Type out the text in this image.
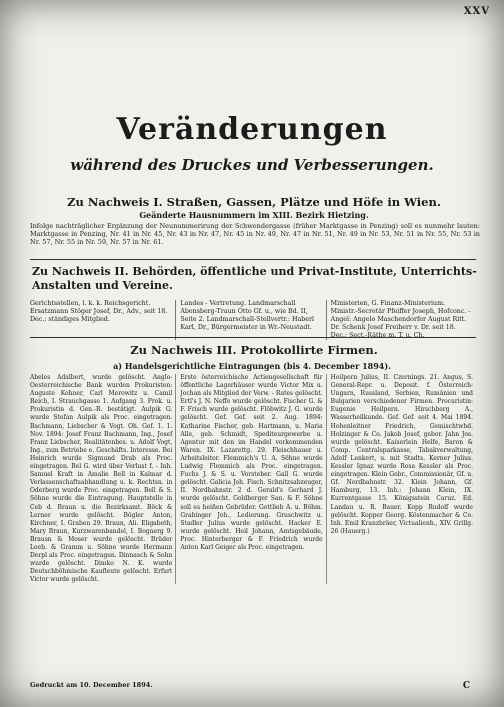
XXV
Veränderungen
während des Druckes und Verbesserungen.
Zu Nachweis I. Straßen, Gassen, Plätze und Höfe in Wien.
Geänderte Hausnummern im XIII. Bezirk Hietzing.
Infolge nachträglicher Ergänzung der Neunummerirung der Schwendergasse (früher Marktgasse in Penzing) soll es nunmehr lauten: Marktgasse in Penzing, Nr. 41 in Nr. 45, Nr. 43 in Nr. 47, Nr. 45 in Nr. 49, Nr. 47 in Nr. 51, Nr. 49 in Nr. 53, Nr. 51 in Nr. 55, Nr. 53 in Nr. 57, Nr. 55 in Nr. 59, Nr. 57 in Nr. 61.
Zu Nachweis II. Behörden, öffentliche und Privat-Institute, Unterrichts-Anstalten und Vereine.
Gerichtsstellen, l. k. k. Reichsgericht. Ersatzmann Stöger Josef, Dr., Adv., seit 18. Dec.: ständiges Mitglied.
Landes - Vertretung. Landmarschall Abensberg-Traun Otto Gf. u., wie Bd. II, Seite 2. Landmarschall-Stellvertr.: Haberl Karl, Dr., Bürgermeister in Wr.-Neustadt.
Ministerien, G. Finanz-Ministerium. Ministr.-Secretär Pfeiffer Joseph, Hofconc. - Angel: Angelo Maschendorfer August Ritt. Dr. Schenk Josef Freiherr v. Dr. seit 18. Dec.: Sect.-Räthe m. T. u. Ch.
Zu Nachweis III. Protokollirte Firmen.
a) Handelsgerichtliche Eintragungen (bis 4. December 1894).
Abeles Adalbert, wurde gelöscht. Anglo-Oesterreichische Bank wurden Prokuristen: Auguste Kohner, Carl Merowitz u. Camil Reich, I. Strauchgasse 1. Aufgang 3. Prok. u. Prokuristin d. Gen.-R. bestätigt. Aulpik G. wurde Stefan Aulpik als Proc. eingetragen. Bachmann, Liebscher & Vogt. Oh. Gef. 1. 1. Nov. 1894: Josef Franz Bachmann, Ing., Josef Franz Liebscher, Realitätenbes. u. Adolf Vogt, Ing., zum Betriebe e. Geschäfts. Interesse. Bei Heinrich wurde Sigmund Drab als Proc. eingetragen. Bel G. wird über Verlust f. - Inh. Samuel Kraft in Amalie Bell in Kalmar d. Verlassenschaftsabhandlung u. k. Rechtsn. in Oderberg wurde Proc. eingetragen. Bell & S. Söhne wurde die Eintragung. Hauptstelle in Ceb d. Braun u. die Bezirksamt. Böck & Lerner wurde gelöscht. Bögler Anton, Kirchner, I. Graben 29. Braun, Ali. Eligabeth, Mary Braun, Kurzwarenbandel, I. Bognerg 9. Brausn & Moser wurde gelöscht. Brüder Leeb. & Gramm u. Söhne wurde Hermann Derpl als Proc. eingetragen. Dinnasch & Sohn wurde gelöscht. Dimko N. K. wurde Deutschböhmische Kaufleute gelöscht. Erfurt Victor wurde gelöscht.
Erste österreichische Actiengesellschaft für öffentliche Lagerhäuser wurde Victor Mix u. Jochan als Mitglied der Verw. - Rates gelöscht. Ertl's J. N. Neffe wurde gelöscht. Fischer G. & F. Frisch wurde gelöscht. Flöbwitz J. G. wurde gelöscht. Gef. Gef. seit 2. Aug. 1894: Katharine Fischer, geb. Hartmann, u. Maria Alle, geb. Schmidt, Spediteurgewerbe u. Agentur mit den im Handel vorkommenden Waren. IX. Lazarettg. 29. Fleischhauer u. Arbeitsleiter. Flemmich's U. A. Söhne wurde Ludwig Flemmich als Proc. eingetragen. Fuchs J. & S. u. Vorsteher. Gall G. wurde gelöscht. Galicia Joh. Fisch. Schnitzsabzeuger, II. Nordbahnstr. 2 d. Gerald's Gerhard J. wurde gelöscht. Goldberger San. & F. Söhne soll es heißen Gebrüder. Gottlieb A. u. Böhm. Grabinger Joh., Ledierung. Gruschwitz u. Stadler Julius wurde gelöscht. Hacker E. wurde gelöscht. Heil Johann, Amtsgebäude, Proc. Hinterberger & F. Friedrich wurde Anton Karl Geiger als Proc. eingetragen.
Heilpern Julius, II. Czernings. 21. Angus, S. General-Repr. u. Deposit. f. Österreich-Ungarn, Russland, Serbien, Rumänien und Bulgarien verschiedener Firmen. Procuristin: Eugenie Heilpern. Hirschberg A., Wasserheilkunde. Gef. Gef. seit 4. Mai 1894. Hohenleitner Friedrich, Gemischtwhd. Holzinger & Co. Jakob Josef, gebor. Jahn Jos. wurde gelöscht. Kaiserlein Helfe, Baron & Comp. Centralsparkasse, Tabakverwaltung, Adolf Lenkert, u. mit Stadts. Kerner Julius. Kessler Ignaz wurde Rosa Kessler als Proc. eingetragen. Klein Gebr., Commissionär, Gf. u. Gf. Nordbahnstr. 32. Klein Johann, Gf. Hamburg, 13. Inh.: Johann Klein, IX. Kurrentgasse 15. Königsstein Caruz. Ed. Landau u. R. Bauer. Kopp Rudolf wurde gelöscht. Kopper Georg. Köstenmacher & Co. Inh. Emil Kranzbräer, Victualienh., XIV. Grillg. 26 (Hauerg.)
Gedruckt am 10. December 1894.	C
